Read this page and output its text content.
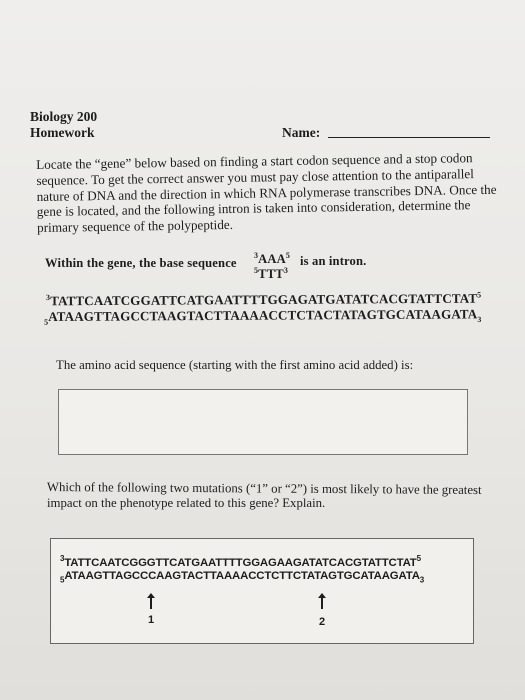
Biology 200
Homework	Name:
Locate the “gene” below based on finding a start codon sequence and a stop codon
sequence. To get the correct answer you must pay close attention to the antiparallel
nature of DNA and the direction in which RNA polymerase transcribes DNA. Once the
gene is located, and the following intron is taken into consideration, determine the
primary sequence of the polypeptide.
Within the gene, the base sequence
$^3$AAA$^5$ is an intron.
$^5$TTT$^3$
$^3$TATTCAATCGGATTCATGAATTTTGGAGATGATATCACGTATTCTAT$^5$
$_5ATAAGTTAGCCTAAGTACTTAAAACCTCTACTATAGTGCATAAGATA_3$
The amino acid sequence (starting with the first amino acid added) is:
Which of the following two mutations (“1” or “2”) is most likely to have the greatest
impact on the phenotype related to this gene? Explain.
$^3$TATTCAATCGGGTTCATGAATTTTGGAGAAGATATCACGTATTCTAT$^5$
$_5ATAAGTTAGCCCAAGTACTTAAAACCTCTTCTATAGTGCATAAGATA_3$
1	2
